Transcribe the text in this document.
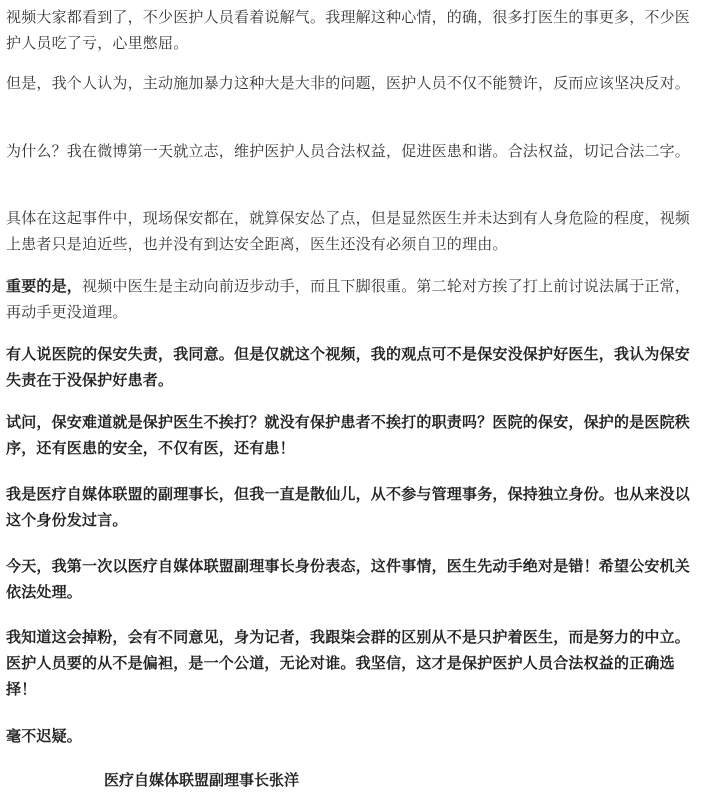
视频大家都看到了，不少医护人员看着说解气。我理解这种心情，的确，很多打医生的事更多，不少医护人员吃了亏，心里憋屈。

但是，我个人认为，主动施加暴力这种大是大非的问题，医护人员不仅不能赞许，反而应该坚决反对。

为什么？我在微博第一天就立志，维护医护人员合法权益，促进医患和谐。合法权益，切记合法二字。

具体在这起事件中，现场保安都在，就算保安怂了点，但是显然医生并未达到有人身危险的程度，视频上患者只是迫近些，也并没有到达安全距离，医生还没有必须自卫的理由。

重要的是，视频中医生是主动向前迈步动手，而且下脚很重。第二轮对方挨了打上前讨说法属于正常，再动手更没道理。

有人说医院的保安失责，我同意。但是仅就这个视频，我的观点可不是保安没保护好医生，我认为保安失责在于没保护好患者。

试问，保安难道就是保护医生不挨打？就没有保护患者不挨打的职责吗？医院的保安，保护的是医院秩序，还有医患的安全，不仅有医，还有患！

我是医疗自媒体联盟的副理事长，但我一直是散仙儿，从不参与管理事务，保持独立身份。也从来没以这个身份发过言。

今天，我第一次以医疗自媒体联盟副理事长身份表态，这件事情，医生先动手绝对是错！希望公安机关依法处理。

我知道这会掉粉，会有不同意见，身为记者，我跟柒会群的区别从不是只护着医生，而是努力的中立。医护人员要的从不是偏袒，是一个公道，无论对谁。我坚信，这才是保护医护人员合法权益的正确选择！

毫不迟疑。

医疗自媒体联盟副理事长张洋
